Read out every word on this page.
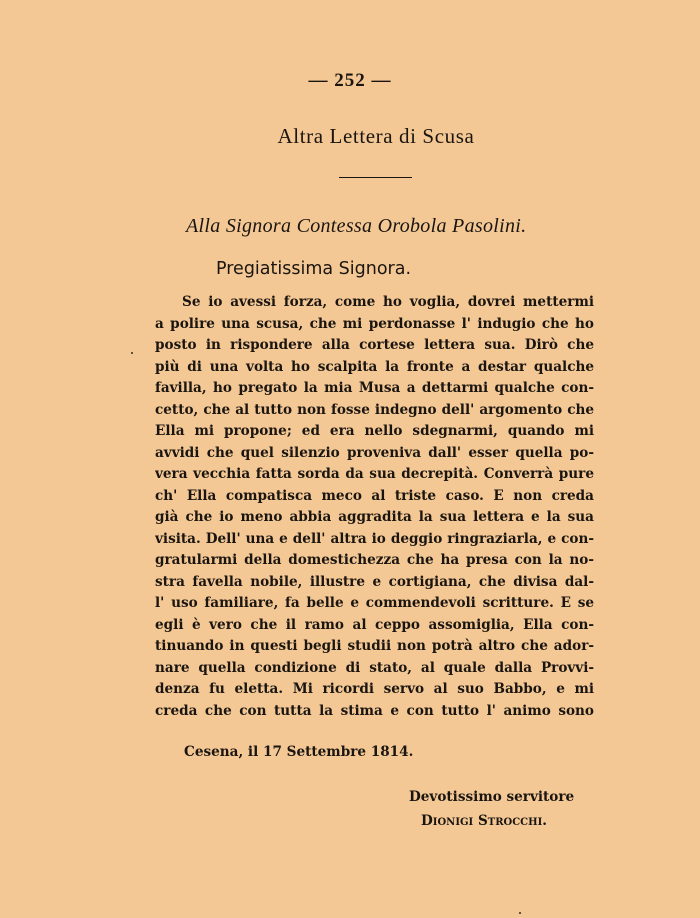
— 252 —
Altra Lettera di Scusa
Alla Signora Contessa Orobola Pasolini.
Pregiatissima Signora.
Se io avessi forza, come ho voglia, dovrei mettermi
a polire una scusa, che mi perdonasse l' indugio che ho
posto in rispondere alla cortese lettera sua. Dirò che
più di una volta ho scalpita la fronte a destar qualche
favilla, ho pregato la mia Musa a dettarmi qualche con-
cetto, che al tutto non fosse indegno dell' argomento che
Ella mi propone; ed era nello sdegnarmi, quando mi
avvidi che quel silenzio proveniva dall' esser quella po-
vera vecchia fatta sorda da sua decrepità. Converrà pure
ch' Ella compatisca meco al triste caso. E non creda
già che io meno abbia aggradita la sua lettera e la sua
visita. Dell' una e dell' altra io deggio ringraziarla, e con-
gratularmi della domestichezza che ha presa con la no-
stra favella nobile, illustre e cortigiana, che divisa dal-
l' uso familiare, fa belle e commendevoli scritture. E se
egli è vero che il ramo al ceppo assomiglia, Ella con-
tinuando in questi begli studii non potrà altro che ador-
nare quella condizione di stato, al quale dalla Provvi-
denza fu eletta. Mi ricordi servo al suo Babbo, e mi
creda che con tutta la stima e con tutto l' animo sono
Cesena, il 17 Settembre 1814.
Devotissimo servitore
Dionigi Strocchi.
